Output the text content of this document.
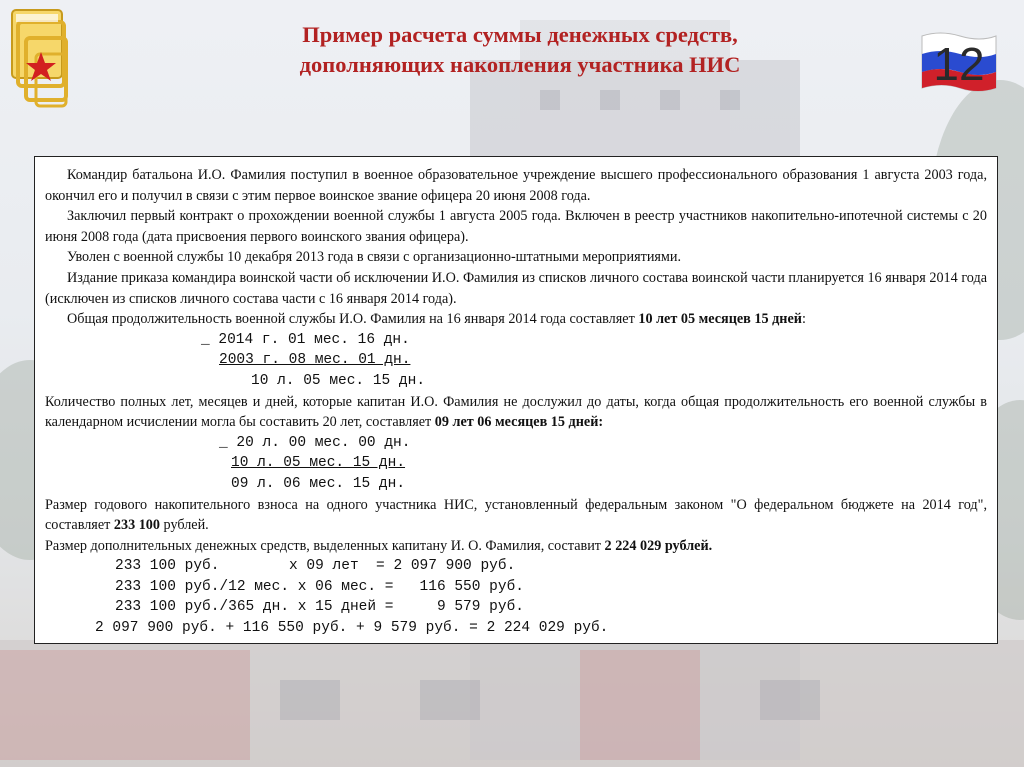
Пример расчета суммы денежных средств,
дополняющих накопления участника НИС	12

Командир батальона И.О. Фамилия поступил в военное образовательное учреждение высшего профессионального образования 1 августа 2003 года, окончил его и получил в связи с этим первое воинское звание офицера 20 июня 2008 года.

Заключил первый контракт о прохождении военной службы 1 августа 2005 года. Включен в реестр участников накопительно-ипотечной системы с 20 июня 2008 года (дата присвоения первого воинского звания офицера).

Уволен с военной службы 10 декабря 2013 года в связи с организационно-штатными мероприятиями.

Издание приказа командира воинской части об исключении И.О. Фамилия из списков личного состава воинской части планируется 16 января 2014 года (исключен из списков личного состава части с 16 января 2014 года).

Общая продолжительность военной службы И.О. Фамилия на 16 января 2014 года составляет 10 лет 05 месяцев 15 дней:

_ 2014 г. 01 мес. 16 дн.
2003 г. 08 мес. 01 дн.
10 л. 05 мес. 15 дн.

Количество полных лет, месяцев и дней, которые капитан И.О. Фамилия не дослужил до даты, когда общая продолжительность его военной службы в календарном исчислении могла бы составить 20 лет, составляет 09 лет 06 месяцев 15 дней:

_ 20 л. 00 мес. 00 дн.
10 л. 05 мес. 15 дн.
09 л. 06 мес. 15 дн.

Размер годового накопительного взноса на одного участника НИС, установленный федеральным законом "О федеральном бюджете на 2014 год", составляет 233 100 рублей.

Размер дополнительных денежных средств, выделенных капитану И. О. Фамилия, составит 2 224 029 рублей.

233 100 руб.        х 09 лет  = 2 097 900 руб.
233 100 руб./12 мес. х 06 мес. =   116 550 руб.
233 100 руб./365 дн. х 15 дней =     9 579 руб.
2 097 900 руб. + 116 550 руб. + 9 579 руб. = 2 224 029 руб.
